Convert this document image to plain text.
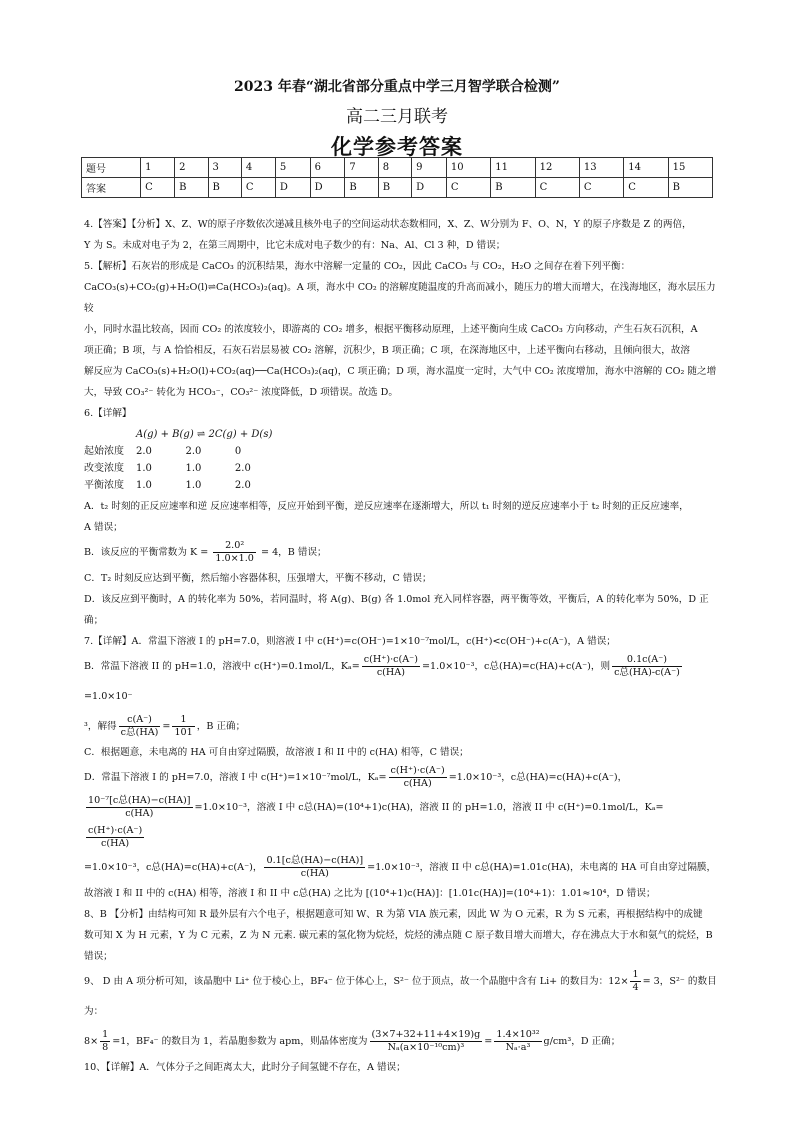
2023 年春“湖北省部分重点中学三月智学联合检测”
高二三月联考
化学参考答案
题号	1	2	3	4	5	6	7	8	9	10	11	12	13	14	15
答案	C	B	B	C	D	D	B	B	D	C	B	C	C	C	B

4.【答案】【分析】X、Z、W的原子序数依次递减且核外电子的空间运动状态数相同，X、Z、W分别为 F、O、N，Y 的原子序数是 Z 的两倍，

Y 为 S。未成对电子为 2，在第三周期中，比它未成对电子数少的有：Na、Al、Cl 3 种，D 错误；

5.【解析】石灰岩的形成是 CaCO₃ 的沉积结果，海水中溶解一定量的 CO₂，因此 CaCO₃ 与 CO₂，H₂O 之间存在着下列平衡：

CaCO₃(s)+CO₂(g)+H₂O(l)⇌Ca(HCO₃)₂(aq)。A 项，海水中 CO₂ 的溶解度随温度的升高而减小，随压力的增大而增大，在浅海地区，海水层压力较

小，同时水温比较高，因而 CO₂ 的浓度较小，即游离的 CO₂ 增多，根据平衡移动原理，上述平衡向生成 CaCO₃ 方向移动，产生石灰石沉积，A

项正确；B 项，与 A 恰恰相反，石灰石岩层易被 CO₂ 溶解，沉积少，B 项正确；C 项，在深海地区中，上述平衡向右移动，且倾向很大，故溶

解反应为 CaCO₃(s)+H₂O(l)+CO₂(aq)──Ca(HCO₃)₂(aq)，C 项正确；D 项，海水温度一定时，大气中 CO₂ 浓度增加，海水中溶解的 CO₂ 随之增

大，导致 CO₃²⁻ 转化为 HCO₃⁻，CO₃²⁻ 浓度降低，D 项错误。故选 D。

6.【详解】

	A(g) + B(g) ⇌ 2C(g) + D(s)		
起始浓度	2.0	2.0	0
改变浓度	1.0	1.0	2.0
平衡浓度	1.0	1.0	2.0

A．t₂ 时刻的正反应速率和逆 反应速率相等，反应开始到平衡，逆反应速率在逐渐增大，所以 t₁ 时刻的逆反应速率小于 t₂ 时刻的正反应速率，

A 错误；

B．该反应的平衡常数为 $K = \frac{\text{2.0²}}{1.0\times 1.0} = 4$，B 错误；

C．T₂ 时刻反应达到平衡，然后缩小容器体积，压强增大，平衡不移动，C 错误；

D．该反应到平衡时，A 的转化率为 50%，若同温时，将 A(g)、B(g) 各 1.0mol 充入同样容器，两平衡等效，平衡后，A 的转化率为 50%，D 正确；

7.【详解】A．常温下溶液 I 的 pH=7.0，则溶液 I 中 c(H⁺)=c(OH⁻)=1×10⁻⁷mol/L，c(H⁺)<c(OH⁻)+c(A⁻)，A 错误；

B．常温下溶液 II 的 pH=1.0，溶液中 c(H⁺)=0.1mol/L，$K_a= \frac{c(H^+)\cdot c(A^-)}{c(HA)} =1.0\times 10^{-3}$，c总(HA)=c(HA)+c(A⁻)，则 $\frac{0.1c(A^-)}{\text{c总(HA)-c(A⁻)}}$
=1.0×10⁻

³，解得 $\frac{c(A^-)}{\text{c总(HA)}} = \frac{1}{101}$ ，B 正确；

C．根据题意，未电离的 HA 可自由穿过隔膜，故溶液 I 和 II 中的 c(HA) 相等，C 错误；

D．常温下溶液 I 的 pH=7.0，溶液 I 中 c(H⁺)=1×10⁻⁷mol/L，$K_a= \frac{c(H^+)\cdot c(A^-)}{c(HA)} =1.0\times 10^{-3}$，c总(HA)=c(HA)+c(A⁻)，

$\frac{\text{10⁻⁷[c总(HA)−c(HA)]}}{c(HA)} =1.0\times 10^{-3}$，溶液 I 中 c总(HA)=(10⁴+1)c(HA)，溶液 II 的 pH=1.0，溶液 II 中 c(H⁺)=0.1mol/L，Kₐ=
$\frac{c(H^+)\cdot c(A^-)}{c(HA)}$

=1.0×10⁻³，c总(HA)=c(HA)+c(A⁻)， $\frac{\text{0.1[c总(HA)−c(HA)]}}{c(HA)} =1.0\times 10^{-3}$，溶液 II 中 c总(HA)=1.01c(HA)，未电离的 HA 可自由穿过隔膜，

故溶液 I 和 II 中的 c(HA) 相等，溶液 I 和 II 中 c总(HA) 之比为 [(10⁴+1)c(HA)]：[1.01c(HA)]=(10⁴+1)：1.01≈10⁴，D 错误；

8、B 【分析】由结构可知 R 最外层有六个电子，根据题意可知 W、R 为第 VIA 族元素，因此 W 为 O 元素，R 为 S 元素，再根据结构中的成键

数可知 X 为 H 元素，Y 为 C 元素，Z 为 N 元素. 碳元素的氢化物为烷烃，烷烃的沸点随 C 原子数目增大而增大，存在沸点大于水和氨气的烷烃，B

错误；

9、 D 由 A 项分析可知，该晶胞中 Li⁺ 位于棱心上，BF₄⁻ 位于体心上，S²⁻ 位于顶点，故一个晶胞中含有 Li+ 的数目为：$12\times \frac{1}{4} = 3$，S²⁻ 的数目为：

$8\times \frac{1}{8} =1$，BF₄⁻ 的数目为 1，若晶胞参数为 apm，则晶体密度为 $\frac{(3\times 7+32+11+4\times 19)g}{\text{Nₐ(a×10⁻¹⁰cm)³}} = \frac{\text{1.4×10³²}}{\text{Nₐ·a³}} g/cm^3$，D 正确；

10、【详解】A．气体分子之间距离太大，此时分子间氢键不存在，A 错误；
